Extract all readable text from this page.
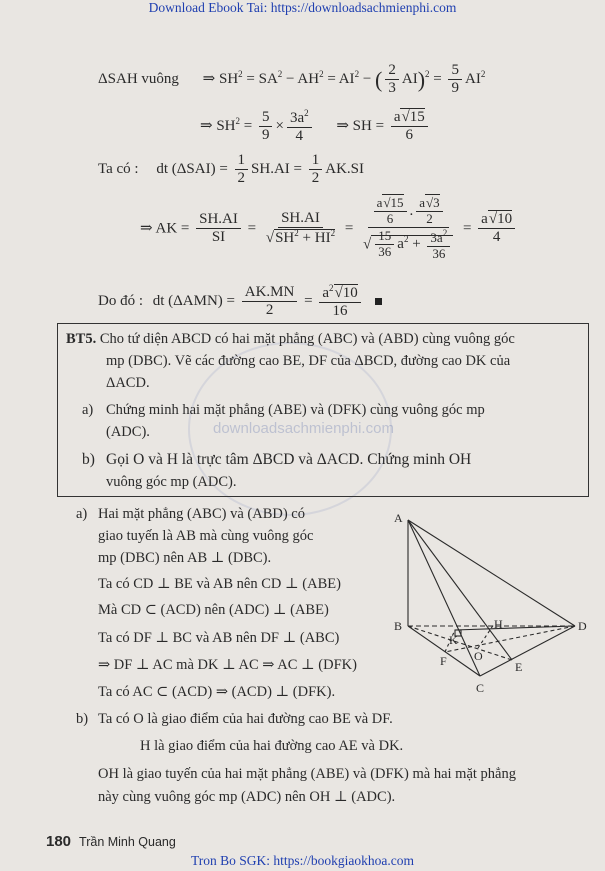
Download Ebook Tai: https://downloadsachmienphi.com
downloadsachmienphi.com
ΔSAH vuông ⇒ $SH^2 = SA^2 - AH^2 = AI^2$ − ( $\frac{2}{3} AI)^2 = \frac{5}{9} AI^2$
⇒ $SH^2 = \frac{5}{9} \times \frac{3a^2}{4}$ ⇒ SH = $\frac{a√15}{6}$
Ta có : dt $(\Delta SAI) = \frac{1}{2} SH.AI = \frac{1}{2} AK.SI$
⇒ AK = $\frac{SH.AI}{SI} = \frac{SH.AI}{√SH^2 + HI^2} = \frac{\frac{a√15}{6} . \frac{a√3}{2}}{√ \frac{15}{36} a^2 + \frac{3a^2}{36}} = \frac{a√10}{4}$
Do đó : dt $(\Delta AMN) = \frac{AK.MN}{2} = \frac{a^2√10}{16}$

BT5. Cho tứ diện ABCD có hai mặt phẳng (ABC) và (ABD) cùng vuông góc
mp (DBC). Vẽ các đường cao BE, DF của ΔBCD, đường cao DK của
ΔACD.
a) Chứng minh hai mặt phẳng (ABE) và (DFK) cùng vuông góc mp
(ADC).
b) Gọi O và H là trực tâm ΔBCD và ΔACD. Chứng minh OH
vuông góc mp (ADC).
a) Hai mặt phẳng (ABC) và (ABD) có
giao tuyến là AB mà cùng vuông góc
mp (DBC) nên AB ⊥ (DBC).
Ta có CD ⊥ BE và AB nên CD ⊥ (ABE)
Mà CD ⊂ (ACD) nên (ADC) ⊥ (ABE)
Ta có DF ⊥ BC và AB nên DF ⊥ (ABC)
⇒ DF ⊥ AC mà DK ⊥ AC ⇒ AC ⊥ (DFK)
Ta có AC ⊂ (ACD) ⇒ (ACD) ⊥ (DFK).
A
B
C
D
E
F
H
K
O
b) Ta có O là giao điểm của hai đường cao BE và DF.
H là giao điểm của hai đường cao AE và DK.
OH là giao tuyến của hai mặt phẳng (ABE) và (DFK) mà hai mặt phẳng
này cùng vuông góc mp (ADC) nên OH ⊥ (ADC).
180 Trần Minh Quang
Tron Bo SGK: https://bookgiaokhoa.com
